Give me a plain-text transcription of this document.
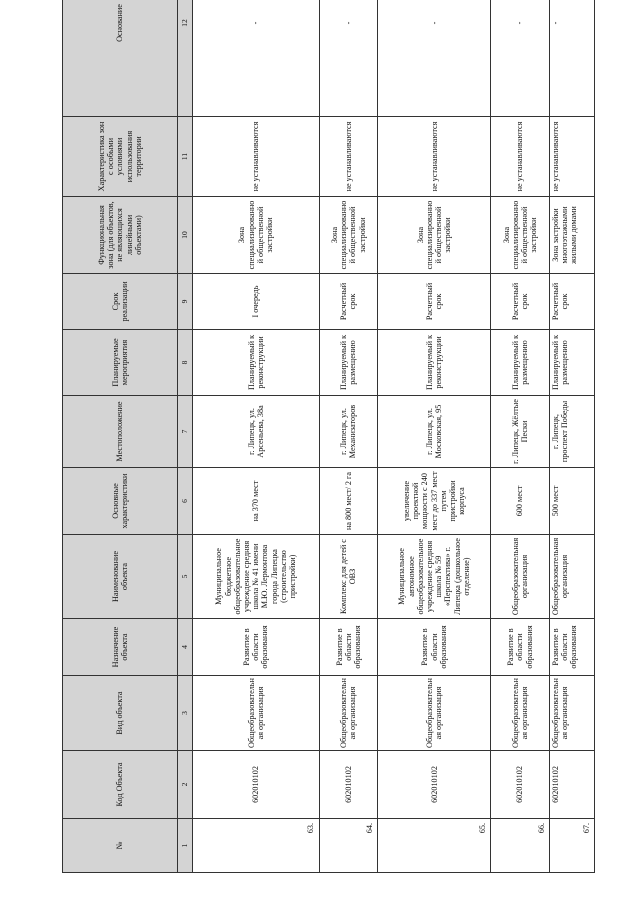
№	Код Объекта	Вид объекта	Назначение объекта	Наименование объекта	Основные характеристики	Местоположение	Планируемые мероприятия	Срок реализации	Функциональная зона (для объектов, не являющихся линейными объектами)	Характеристика зон с особыми условиями использования территории	Основание
1	2	3	4	5	6	7	8	9	10	11	12
63.	602010102	Общеобразовательная организация	Развитие в области образования	Муниципальное бюджетное общеобразовательное учреждение средняя школа № 41 имени М.Ю. Лермонтова города Липецка (строительство пристройки)	на 370 мест	г. Липецк, ул. Арсеньева, 38а	Планируемый к реконструкции	I очередь	Зона специализированной общественной застройки	не устанавливаются	-
64.	602010102	Общеобразовательная организация	Развитие в области образования	Комплекс для детей с ОВЗ	на 800 мест/ 2 га	г. Липецк, ул. Механизаторов	Планируемый к размещению	Расчетный срок	Зона специализированной общественной застройки	не устанавливаются	-
65.	602010102	Общеобразовательная организация	Развитие в области образования	Муниципальное автономное общеобразовательное учреждение средняя школа № 59 «Перспектива» г. Липецка (дошкольное отделение)	увеличение проектной мощности с 240 мест до 337 мест путем пристройки корпуса	г. Липецк, ул. Московская, 95	Планируемый к реконструкции	Расчетный срок	Зона специализированной общественной застройки	не устанавливаются	-
66.	602010102	Общеобразовательная организация	Развитие в области образования	Общеобразовательная организация	600 мест	г. Липецк, Жёлтые Пески	Планируемый к размещению	Расчетный срок	Зона специализированной общественной застройки	не устанавливаются	-
67.	602010102	Общеобразовательная организация	Развитие в области образования	Общеобразовательная организация	500 мест	г. Липецк, проспект Победы	Планируемый к размещению	Расчетный срок	Зона застройки многоэтажными жилыми домами	не устанавливаются	-
